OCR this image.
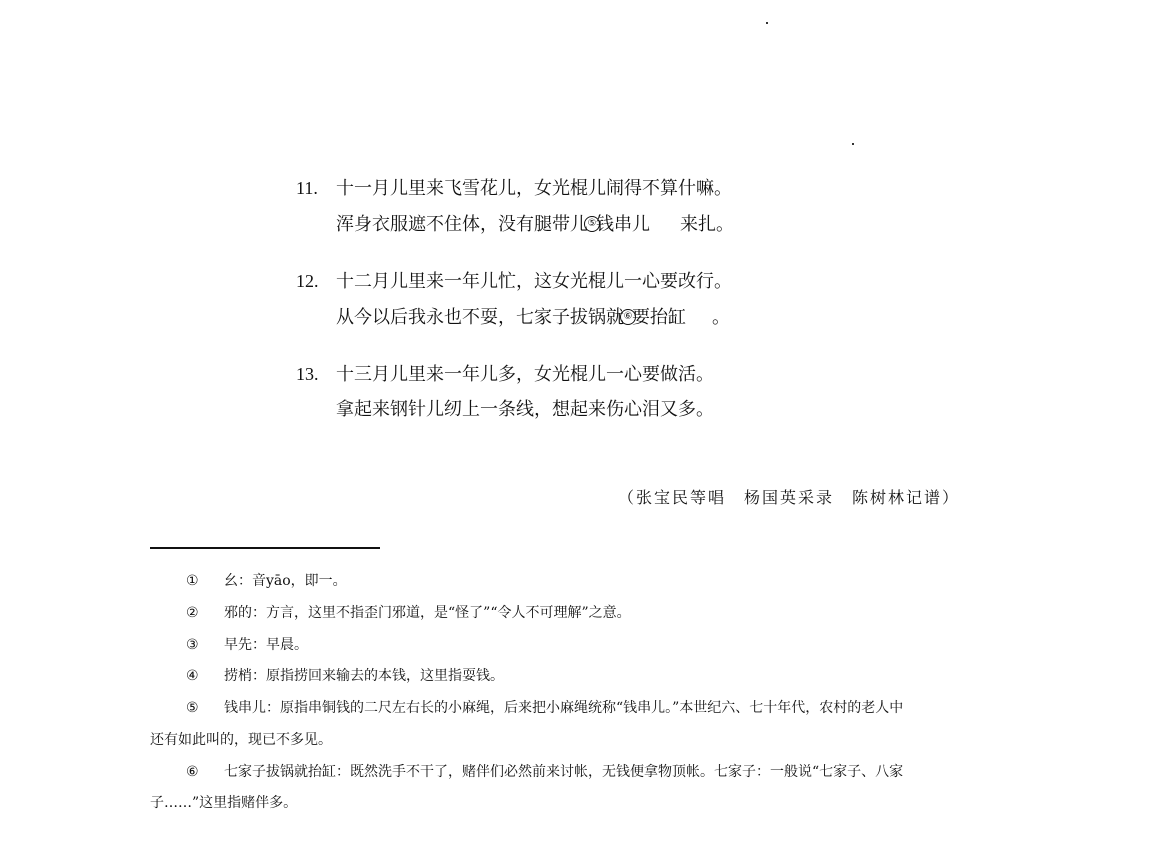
11. 十一月儿里来飞雪花儿，女光棍儿闹得不算什嘛。
浑身衣服遮不住体，没有腿带儿⑤钱串儿 来扎。
12. 十二月儿里来一年儿忙，这女光棍儿一心要改行。
从今以后我永也不耍，七家子拔锅就⑥要抬缸 。
13. 十三月儿里来一年儿多，女光棍儿一心要做活。
拿起来钢针儿纫上一条线，想起来伤心泪又多。
（张宝民等唱　杨国英采录　陈树林记谱）
① 幺：音yāo，即一。
② 邪的：方言，这里不指歪门邪道，是“怪了”“令人不可理解”之意。
③ 早先：早晨。
④ 捞梢：原指捞回来输去的本钱，这里指耍钱。
⑤ 钱串儿：原指串铜钱的二尺左右长的小麻绳，后来把小麻绳统称“钱串儿。”本世纪六、七十年代，农村的老人中
还有如此叫的，现已不多见。
⑥ 七家子拔锅就抬缸：既然洗手不干了，赌伴们必然前来讨帐，无钱便拿物顶帐。七家子：一般说“七家子、八家
子……”这里指赌伴多。
